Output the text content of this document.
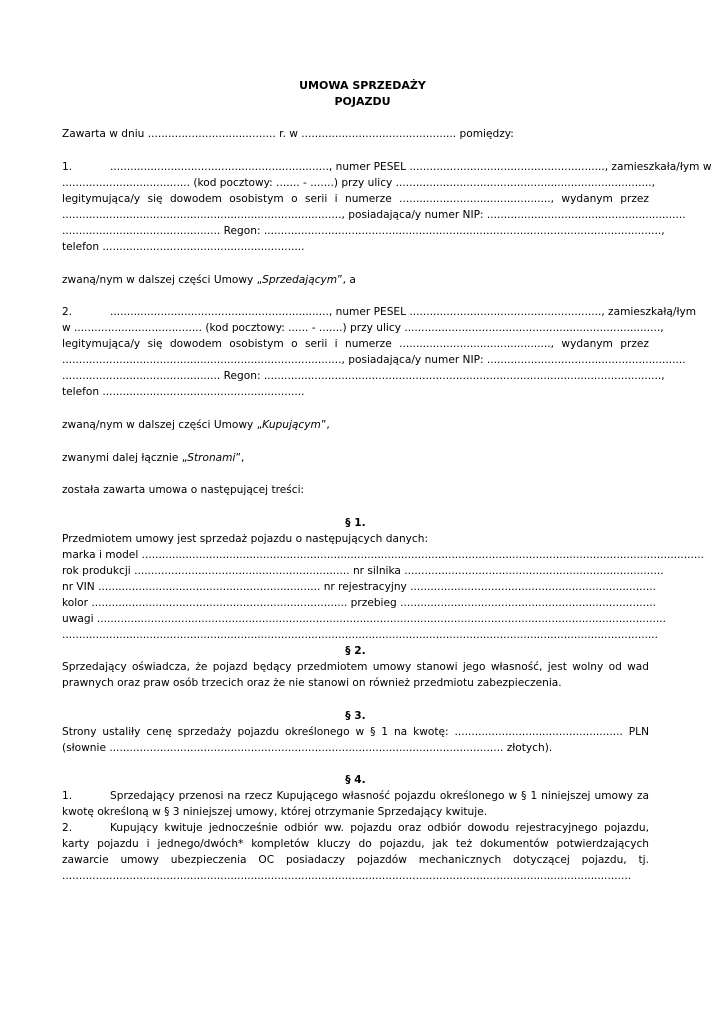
UMOWA SPRZEDAŻY
POJAZDU
Zawarta w dniu ...................................... r. w .............................................. pomiędzy:
1.	................................................................., numer PESEL .........................................................., zamieszkała/łym w
...................................... (kod pocztowy: ....... - .......) przy ulicy ............................................................................,
legitymująca/y się dowodem osobistym o serii i numerze ............................................., wydanym przez
..................................................................................., posiadająca/y numer NIP: ...........................................................
............................................... Regon: ......................................................................................................................,
telefon ............................................................
zwaną/nym w dalszej części Umowy „Sprzedającym”, a
2.	................................................................., numer PESEL ........................................................., zamieszkałą/łym
w ...................................... (kod pocztowy: ...... - .......) przy ulicy ............................................................................,
legitymująca/y się dowodem osobistym o serii i numerze ............................................., wydanym przez
..................................................................................., posiadająca/y numer NIP: ...........................................................
............................................... Regon: ......................................................................................................................,
telefon ............................................................
zwaną/nym w dalszej części Umowy „Kupującym”,
zwanymi dalej łącznie „Stronami”,
została zawarta umowa o następującej treści:
§ 1.
Przedmiotem umowy jest sprzedaż pojazdu o następujących danych:
marka i model .......................................................................................................................................................................
rok produkcji ................................................................ nr silnika .............................................................................
nr VIN .................................................................. nr rejestracyjny .........................................................................
kolor ............................................................................ przebieg ............................................................................
uwagi .........................................................................................................................................................................
.................................................................................................................................................................................
§ 2.
Sprzedający oświadcza, że pojazd będący przedmiotem umowy stanowi jego własność, jest wolny od wad
prawnych oraz praw osób trzecich oraz że nie stanowi on również przedmiotu zabezpieczenia.
§ 3.
Strony ustaliły cenę sprzedaży pojazdu określonego w § 1 na kwotę: .................................................. PLN
(słownie ..................................................................................................................... złotych).
§ 4.
1.	Sprzedający przenosi na rzecz Kupującego własność pojazdu określonego w § 1 niniejszej umowy za
kwotę określoną w § 3 niniejszej umowy, której otrzymanie Sprzedający kwituje.
2.	Kupujący kwituje jednocześnie odbiór ww. pojazdu oraz odbiór dowodu rejestracyjnego pojazdu,
karty pojazdu i jednego/dwóch* kompletów kluczy do pojazdu, jak też dokumentów potwierdzających
zawarcie umowy ubezpieczenia OC posiadaczy pojazdów mechanicznych dotyczącej pojazdu, tj.
.........................................................................................................................................................................
